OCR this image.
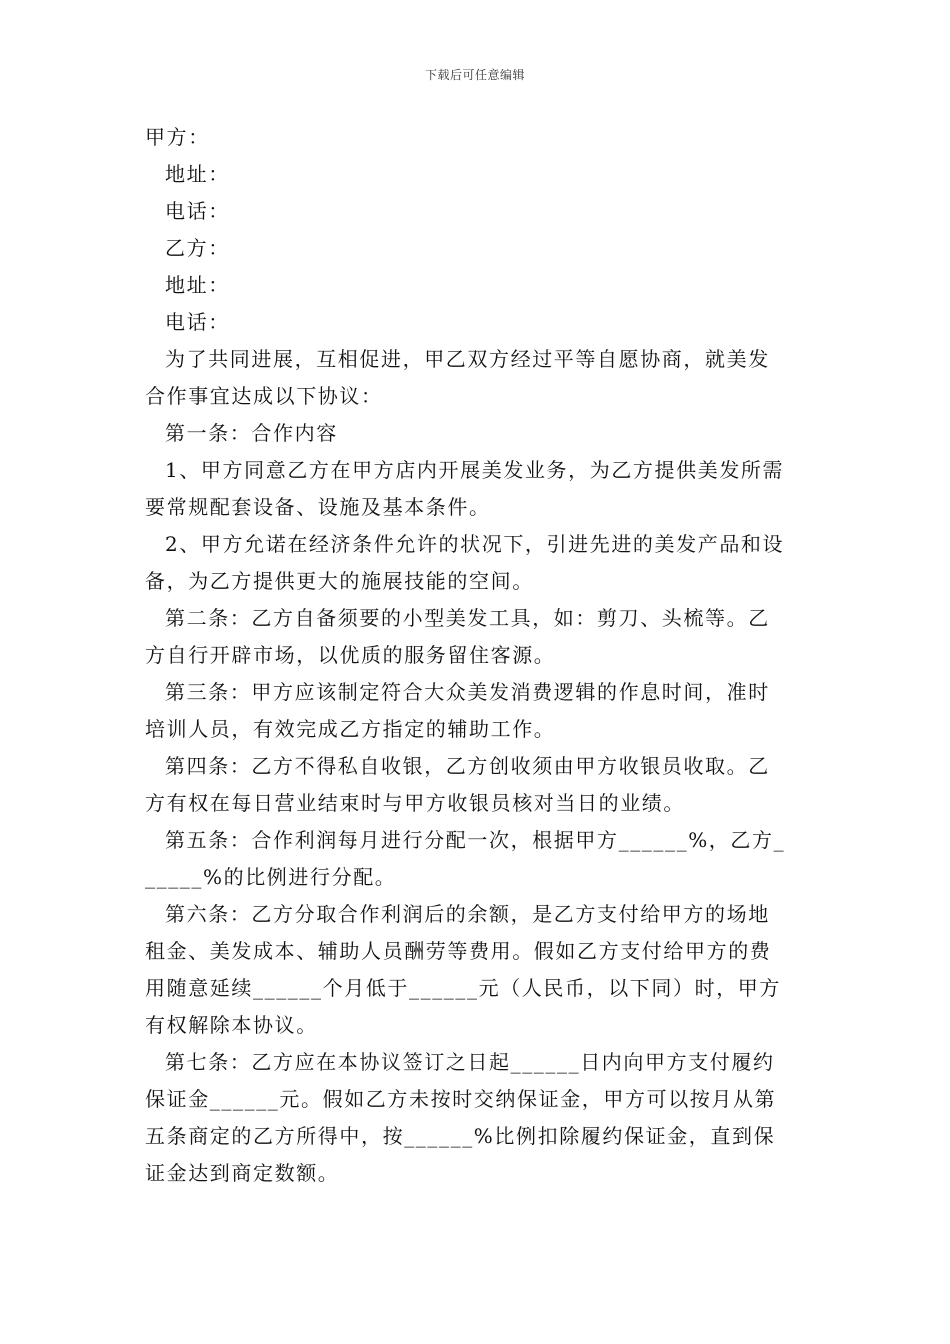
下载后可任意编辑
甲方：
地址：
电话：
乙方：
地址：
电话：
为了共同进展，互相促进，甲乙双方经过平等自愿协商，就美发
合作事宜达成以下协议：
第一条：合作内容
1、甲方同意乙方在甲方店内开展美发业务，为乙方提供美发所需
要常规配套设备、设施及基本条件。
2、甲方允诺在经济条件允许的状况下，引进先进的美发产品和设
备，为乙方提供更大的施展技能的空间。
第二条：乙方自备须要的小型美发工具，如：剪刀、头梳等。乙
方自行开辟市场，以优质的服务留住客源。
第三条：甲方应该制定符合大众美发消费逻辑的作息时间，准时
培训人员，有效完成乙方指定的辅助工作。
第四条：乙方不得私自收银，乙方创收须由甲方收银员收取。乙
方有权在每日营业结束时与甲方收银员核对当日的业绩。
第五条：合作利润每月进行分配一次，根据甲方______%，乙方_
_____%的比例进行分配。
第六条：乙方分取合作利润后的余额，是乙方支付给甲方的场地
租金、美发成本、辅助人员酬劳等费用。假如乙方支付给甲方的费
用随意延续______个月低于______元（人民币，以下同）时，甲方
有权解除本协议。
第七条：乙方应在本协议签订之日起______日内向甲方支付履约
保证金______元。假如乙方未按时交纳保证金，甲方可以按月从第
五条商定的乙方所得中，按______%比例扣除履约保证金，直到保
证金达到商定数额。
